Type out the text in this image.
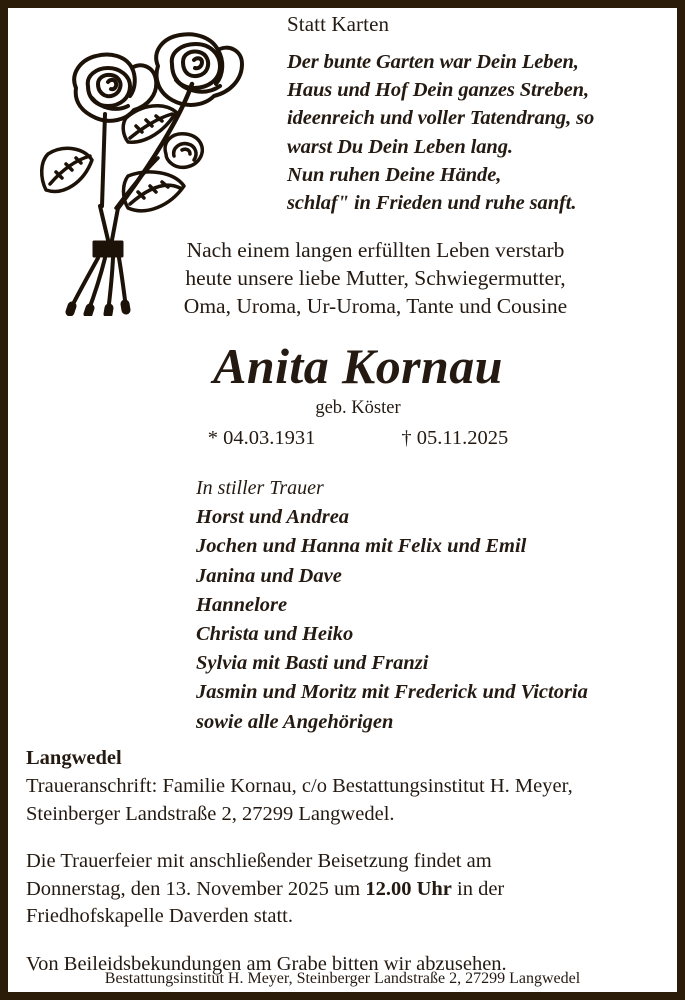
Statt Karten
Der bunte Garten war Dein Leben,
Haus und Hof Dein ganzes Streben,
ideenreich und voller Tatendrang, so
warst Du Dein Leben lang.
Nun ruhen Deine Hände,
schlafʺ in Frieden und ruhe sanft.
Nach einem langen erfüllten Leben verstarb
heute unsere liebe Mutter, Schwiegermutter,
Oma, Uroma, Ur-Uroma, Tante und Cousine
Anita Kornau
geb. Köster
* 04.03.1931	† 05.11.2025
In stiller Trauer
Horst und Andrea
Jochen und Hanna mit Felix und Emil
Janina und Dave
Hannelore
Christa und Heiko
Sylvia mit Basti und Franzi
Jasmin und Moritz mit Frederick und Victoria
sowie alle Angehörigen
Langwedel
Traueranschrift: Familie Kornau, c/o Bestattungsinstitut H. Meyer,
Steinberger Landstraße 2, 27299 Langwedel.
Die Trauerfeier mit anschließender Beisetzung findet am
Donnerstag, den 13. November 2025 um 12.00 Uhr in der
Friedhofskapelle Daverden statt.
Von Beileidsbekundungen am Grabe bitten wir abzusehen.
Bestattungsinstitut H. Meyer, Steinberger Landstraße 2, 27299 Langwedel
